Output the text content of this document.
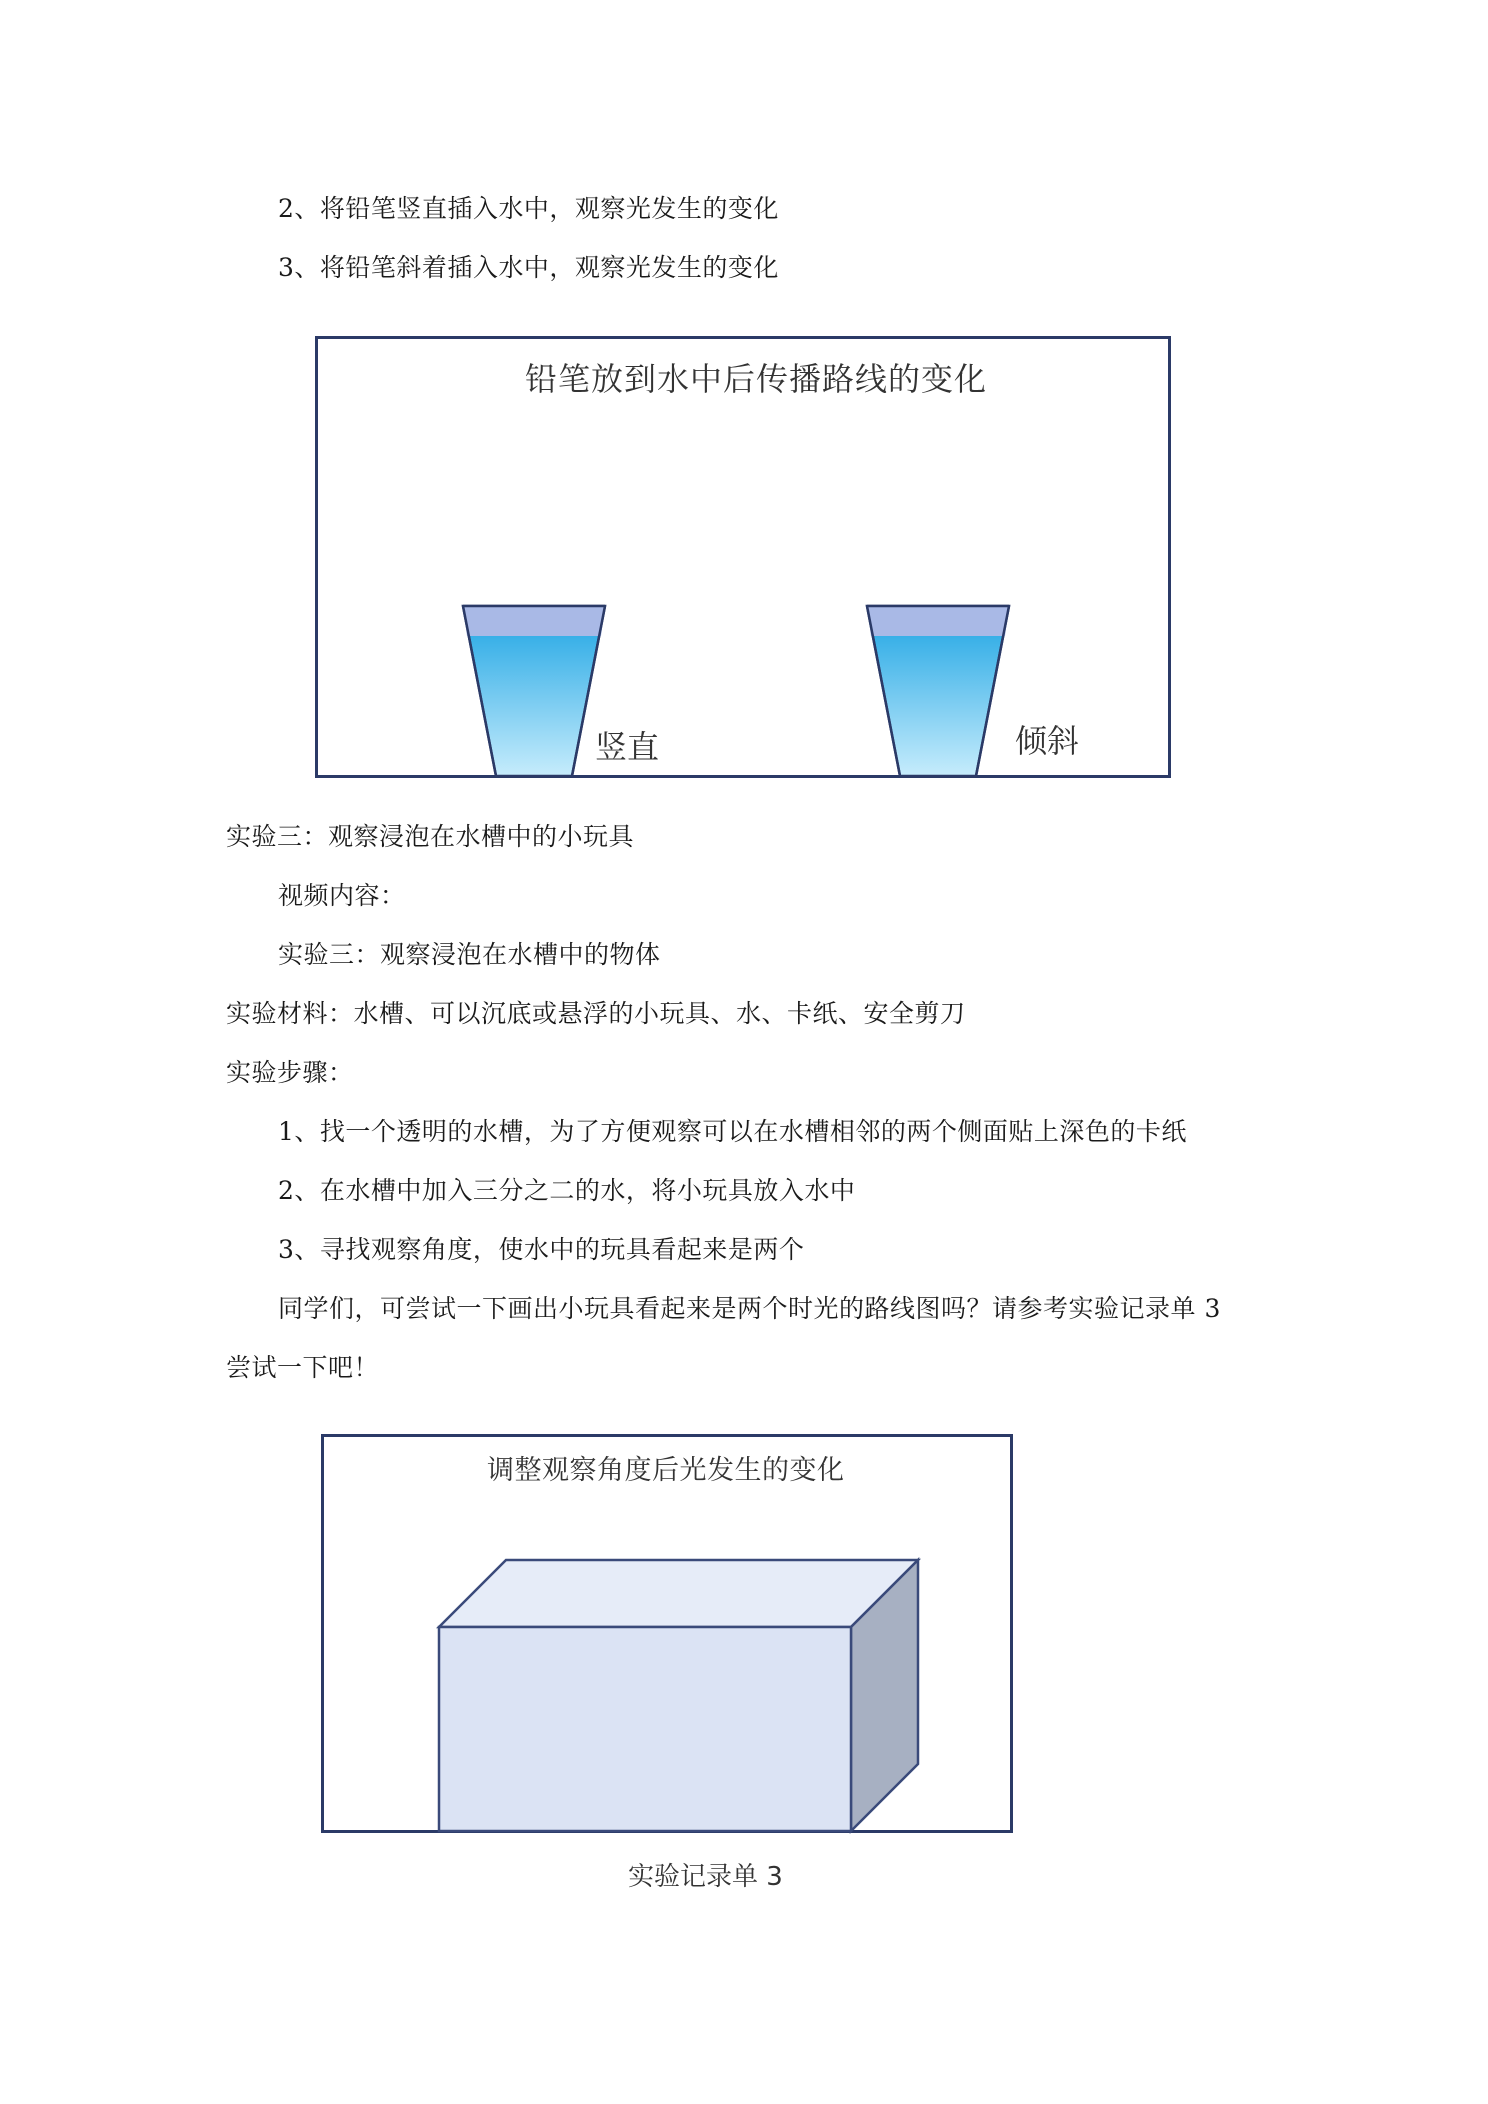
2、将铅笔竖直插入水中，观察光发生的变化
3、将铅笔斜着插入水中，观察光发生的变化
铅笔放到水中后传播路线的变化
竖直	倾斜
实验三：观察浸泡在水槽中的小玩具
视频内容：
实验三：观察浸泡在水槽中的物体
实验材料：水槽、可以沉底或悬浮的小玩具、水、卡纸、安全剪刀
实验步骤：
1、找一个透明的水槽，为了方便观察可以在水槽相邻的两个侧面贴上深色的卡纸
2、在水槽中加入三分之二的水，将小玩具放入水中
3、寻找观察角度，使水中的玩具看起来是两个
同学们，可尝试一下画出小玩具看起来是两个时光的路线图吗？请参考实验记录单 3
尝试一下吧！
调整观察角度后光发生的变化
实验记录单 3
